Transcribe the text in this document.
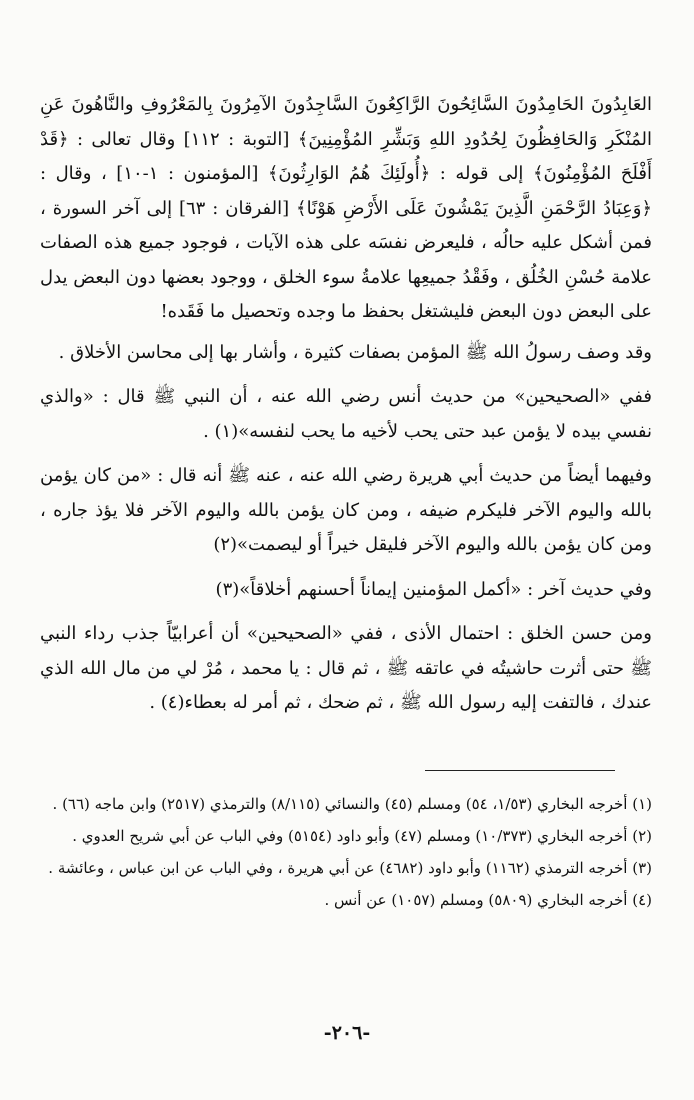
العَابِدُونَ الحَامِدُونَ السَّائِحُونَ الرَّاكِعُونَ السَّاجِدُونَ الآمِرُونَ بِالمَعْرُوفِ والنَّاهُونَ عَنِ المُنْكَرِ وَالحَافِظُونَ لِحُدُودِ اللهِ وَبَشِّرِ المُؤْمِنِينَ﴾ [التوبة : ١١٢] وقال تعالى : ﴿قَدْ أَفْلَحَ المُؤْمِنُونَ﴾ إلى قوله : ﴿أُولَئِكَ هُمُ الوَارِثُونَ﴾ [المؤمنون : ١-١٠] ، وقال : ﴿وَعِبَادُ الرَّحْمَنِ الَّذِينَ يَمْشُونَ عَلَى الأَرْضِ هَوْنًا﴾ [الفرقان : ٦٣] إلى آخر السورة ، فمن أشكل عليه حالُه ، فليعرض نفسَه على هذه الآيات ، فوجود جميع هذه الصفات علامة حُسْنِ الخُلُق ، وفَقْدُ جميعِها علامةُ سوء الخلق ، ووجود بعضها دون البعض يدل على البعض دون البعض فليشتغل بحفظ ما وجده وتحصيل ما فَقَده!

وقد وصف رسولُ الله ﷺ المؤمن بصفات كثيرة ، وأشار بها إلى محاسن الأخلاق .

ففي «الصحيحين» من حديث أنس رضي الله عنه ، أن النبي ﷺ قال : «والذي نفسي بيده لا يؤمن عبد حتى يحب لأخيه ما يحب لنفسه»(١) .

وفيهما أيضاً من حديث أبي هريرة رضي الله عنه ، عنه ﷺ أنه قال : «من كان يؤمن بالله واليوم الآخر فليكرم ضيفه ، ومن كان يؤمن بالله واليوم الآخر فلا يؤذ جاره ، ومن كان يؤمن بالله واليوم الآخر فليقل خيراً أو ليصمت»(٢)

وفي حديث آخر : «أكمل المؤمنين إيماناً أحسنهم أخلاقاً»(٣)

ومن حسن الخلق : احتمال الأذى ، ففي «الصحيحين» أن أعرابيّاً جذب رداء النبي ﷺ حتى أثرت حاشيتُه في عاتقه ﷺ ، ثم قال : يا محمد ، مُرْ لي من مال الله الذي عندك ، فالتفت إليه رسول الله ﷺ ، ثم ضحك ، ثم أمر له بعطاء(٤) .

(١) أخرجه البخاري (١/٥٣، ٥٤) ومسلم (٤٥) والنسائي (٨/١١٥) والترمذي (٢٥١٧) وابن ماجه (٦٦) .

(٢) أخرجه البخاري (١٠/٣٧٣) ومسلم (٤٧) وأبو داود (٥١٥٤) وفي الباب عن أبي شريح العدوي .

(٣) أخرجه الترمذي (١١٦٢) وأبو داود (٤٦٨٢) عن أبي هريرة ، وفي الباب عن ابن عباس ، وعائشة .

(٤) أخرجه البخاري (٥٨٠٩) ومسلم (١٠٥٧) عن أنس .

-٢٠٦-
